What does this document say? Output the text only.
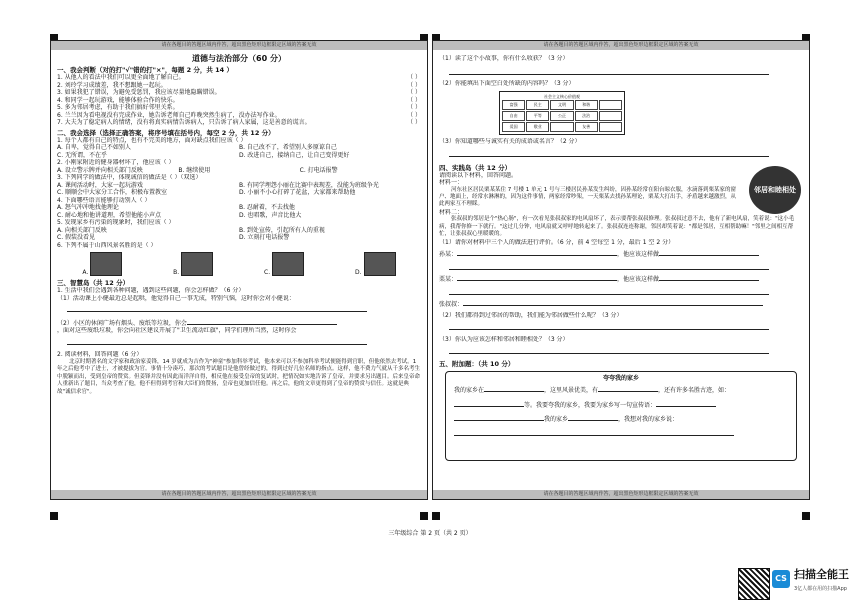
请在各题目的答题区域内作答，超出黑色矩形边框限定区域的答案无效
道德与法治部分（60 分）
一、我会判断（对的打"√"错的打"×"，每题 2 分，共 14 ）
1. 从他人的看法中我们可以更全面地了解自己。	（ ）
2. 刘玲学习成绩差，我不想跟她一起玩。	（ ）
3. 如果我犯了错误，为避免受惩罚，我应该尽量地隐瞒错误。	（ ）
4. 和同学一起玩游戏，能够体验合作的快乐。	（ ）
5. 多为邻居考虑，有助于我们搞好邻里关系。	（ ）
6. 兰兰因为看电视没有完成作业，她告诉老师自己昨晚突然生病了，没办法写作业。	（ ）
7. 大夫为了稳定病人的情绪，没有将真实病情告诉病人，只告诉了病人家属，这是善意的谎言。	（ ）
二、我会选择（选择正确答案，将序号填在括号内，每空 2 分，共 12 分）
1. 每个人都有自己的特点，也有不完美的地方，面对缺点我们应该（ ）
A. 自卑，觉得自己不如别人	B. 自己改不了，希望别人多原谅自己
C. 无所谓，不在乎	D. 改进自己，接纳自己，让自己变得更好
2. 小刚家附近的健身器材坏了，他应该（ ）
A. 设立警示牌并向相关部门反映	B. 继续使用	C. 打电话报警
3. 下列同学的做法中，体现诚信的做法是（ ）（双选）
A. 课间活动时，大家一起玩游戏	B. 有同学埋怨小丽在比赛中表现差，没能为班级争光
C. 顺顺会中大家分工合作，积极布置教室	D. 小丽不小心打碎了花盆，大家都来帮助他
4. 下面哪些语言能够打动别人（ ）
A. 怒气冲冲地找他理论	B. 忍耐着，不去找他
C. 耐心地和他讲道理，希望他能小声点	D. 也唱歌，声音比他大
5. 发现家乡有污染的现象时，我们应该（ ）
A. 向相关部门反映	B. 到处宣传，引起所有人的重视
C. 假装没看见	D. 立刻打电话报警
6. 下列不属于山西风景名胜的是（ ）
A.	B.	C.	D.
三、智慧岛（共 12 分）
1. 生活中我们会遇到各种问题，遇到这些问题，你会怎样做？（6 分）
（1）活动课上小健最近总是起哄，他觉得自己一事无成，特别气恼，这时你会对小健说：
（2）小区的休闲广场有烟头、废纸等垃圾，你会
，面对这些废纸垃圾，你会向社区建议开展了"卫生流动红旗"，同学们理所当然，这时你会
2. 阅读材料，回答问题（6 分）
北京时期著名的文学家和政治家姜锋，14 岁就成为吉作为"神童"参加科举考试，他本来可以不参加科举考试便能得到官职，但他依然去考试。1 年之后他考中了进士，才被提拔为官。事情十分凑巧，那次的考试题目是他曾经做过的，得到过好几位名师的指点。这样，他不费力气就从千多名考生中脱颖而出，受到皇帝的赞赏。但姜锋并没有因此而洋洋自得，相反他在接受皇帝的复试时，把情况如实地告诉了皇帝，并要求另出题目。后来皇帝命人重新出了题目，当众考查了他，他不但得到考官和大臣们的赞扬，皇帝也更加信任他。再之后，他的文章更得到了皇帝的赞赏与信任。这就是典故"诚信求官"。
请在各题目的答题区域内作答，超出黑色矩形边框限定区域的答案无效
请在各题目的答题区域内作答，超出黑色矩形边框限定区域的答案无效
（1）读了这个小故事，你有什么收获？（3 分）
（2）你能填出下面空白处所缺的内容吗？（3 分）
社会主义核心价值观
富强	民主	文明	和谐
自由	平等	公正	法治
爱国	敬业	友善
（3）你知道哪些与诚实有关的成语或名言？（2 分）
四、实践岛（共 12 分）
请阅读以下材料，回答问题。
材料一：
河东社区居民栗某某住 7 号楼 1 单元 1 号与三楼居民孙某发生纠纷，因孙某经常在阳台晾衣服，水滴落到栗某家的窗户、地面上，经常水淋淋的，因为这件事情，两家经常吵架，一天栗某去找孙某理论，栗某大打出手，矛盾越来越激烈，从此两家互不理睬。
材料二：
张叔叔的邻居是个"热心肠"，有一次看见张叔叔家的电风扇坏了，表示要帮张叔叔修理。张叔叔过意不去，他有了新电风扇，笑着说："这小毛病，我帮你修一下就行。"这过几分钟，电风扇就又呼呼地转起来了。张叔叔连连称谢，邻居却笑着说："都是邻居，互相帮助嘛！"邻里之间相互帮忙，让张叔叔心里暖暖的。
（1）请你对材料中三个人的做法进行评价。（6 分，前 4 空每空 1 分，最后 1 空 2 分）
孙某：	，他应该这样做
栗某：	，他应该这样做
张叔叔：
（2）我们都得到过邻居的帮助，我们能为邻居做些什么呢？（3 分）
（3）你认为应该怎样和邻居和睦相处？（3 分）
五、附加题：（共 10 分）
夸夸我的家乡
我的家乡在	，这里风景优美，有	，还有许多名胜古迹，如：
等。我要夸我的家乡，我要为家乡写一句宣传语：
我的家乡	，我想对我的家乡说：
邻居和睦相处
请在各题目的答题区域内作答，超出黑色矩形边框限定区域的答案无效
三年级综合 第 2 页（共 2 页）
CS 扫描全能王
3亿人都在用的扫描App
